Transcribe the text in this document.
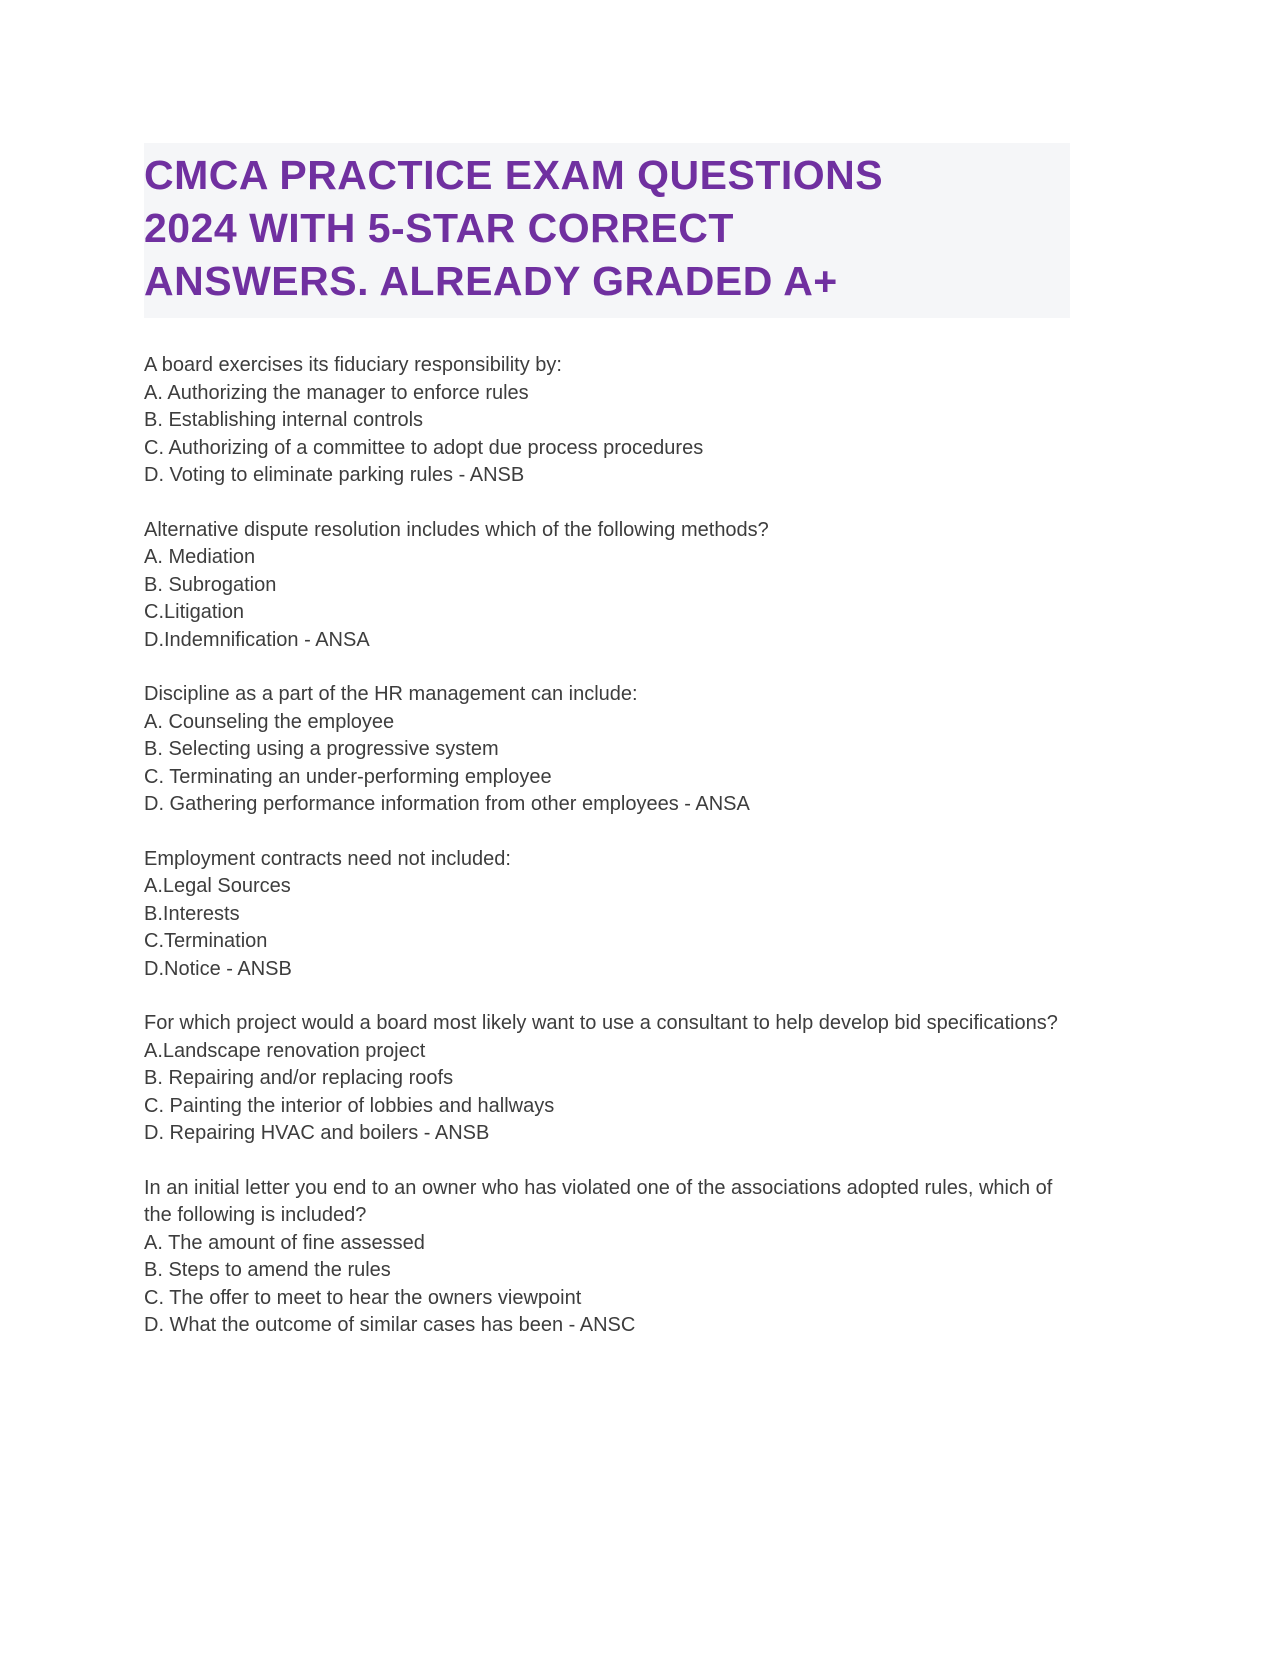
CMCA PRACTICE EXAM QUESTIONS
2024 WITH 5-STAR CORRECT
ANSWERS. ALREADY GRADED A+
A board exercises its fiduciary responsibility by:
A. Authorizing the manager to enforce rules
B. Establishing internal controls
C. Authorizing of a committee to adopt due process procedures
D. Voting to eliminate parking rules - ANSB
Alternative dispute resolution includes which of the following methods?
A. Mediation
B. Subrogation
C.Litigation
D.Indemnification - ANSA
Discipline as a part of the HR management can include:
A. Counseling the employee
B. Selecting using a progressive system
C. Terminating an under-performing employee
D. Gathering performance information from other employees - ANSA
Employment contracts need not included:
A.Legal Sources
B.Interests
C.Termination
D.Notice - ANSB
For which project would a board most likely want to use a consultant to help develop bid specifications?
A.Landscape renovation project
B. Repairing and/or replacing roofs
C. Painting the interior of lobbies and hallways
D. Repairing HVAC and boilers - ANSB
In an initial letter you end to an owner who has violated one of the associations adopted rules, which of the following is included?
A. The amount of fine assessed
B. Steps to amend the rules
C. The offer to meet to hear the owners viewpoint
D. What the outcome of similar cases has been - ANSC
